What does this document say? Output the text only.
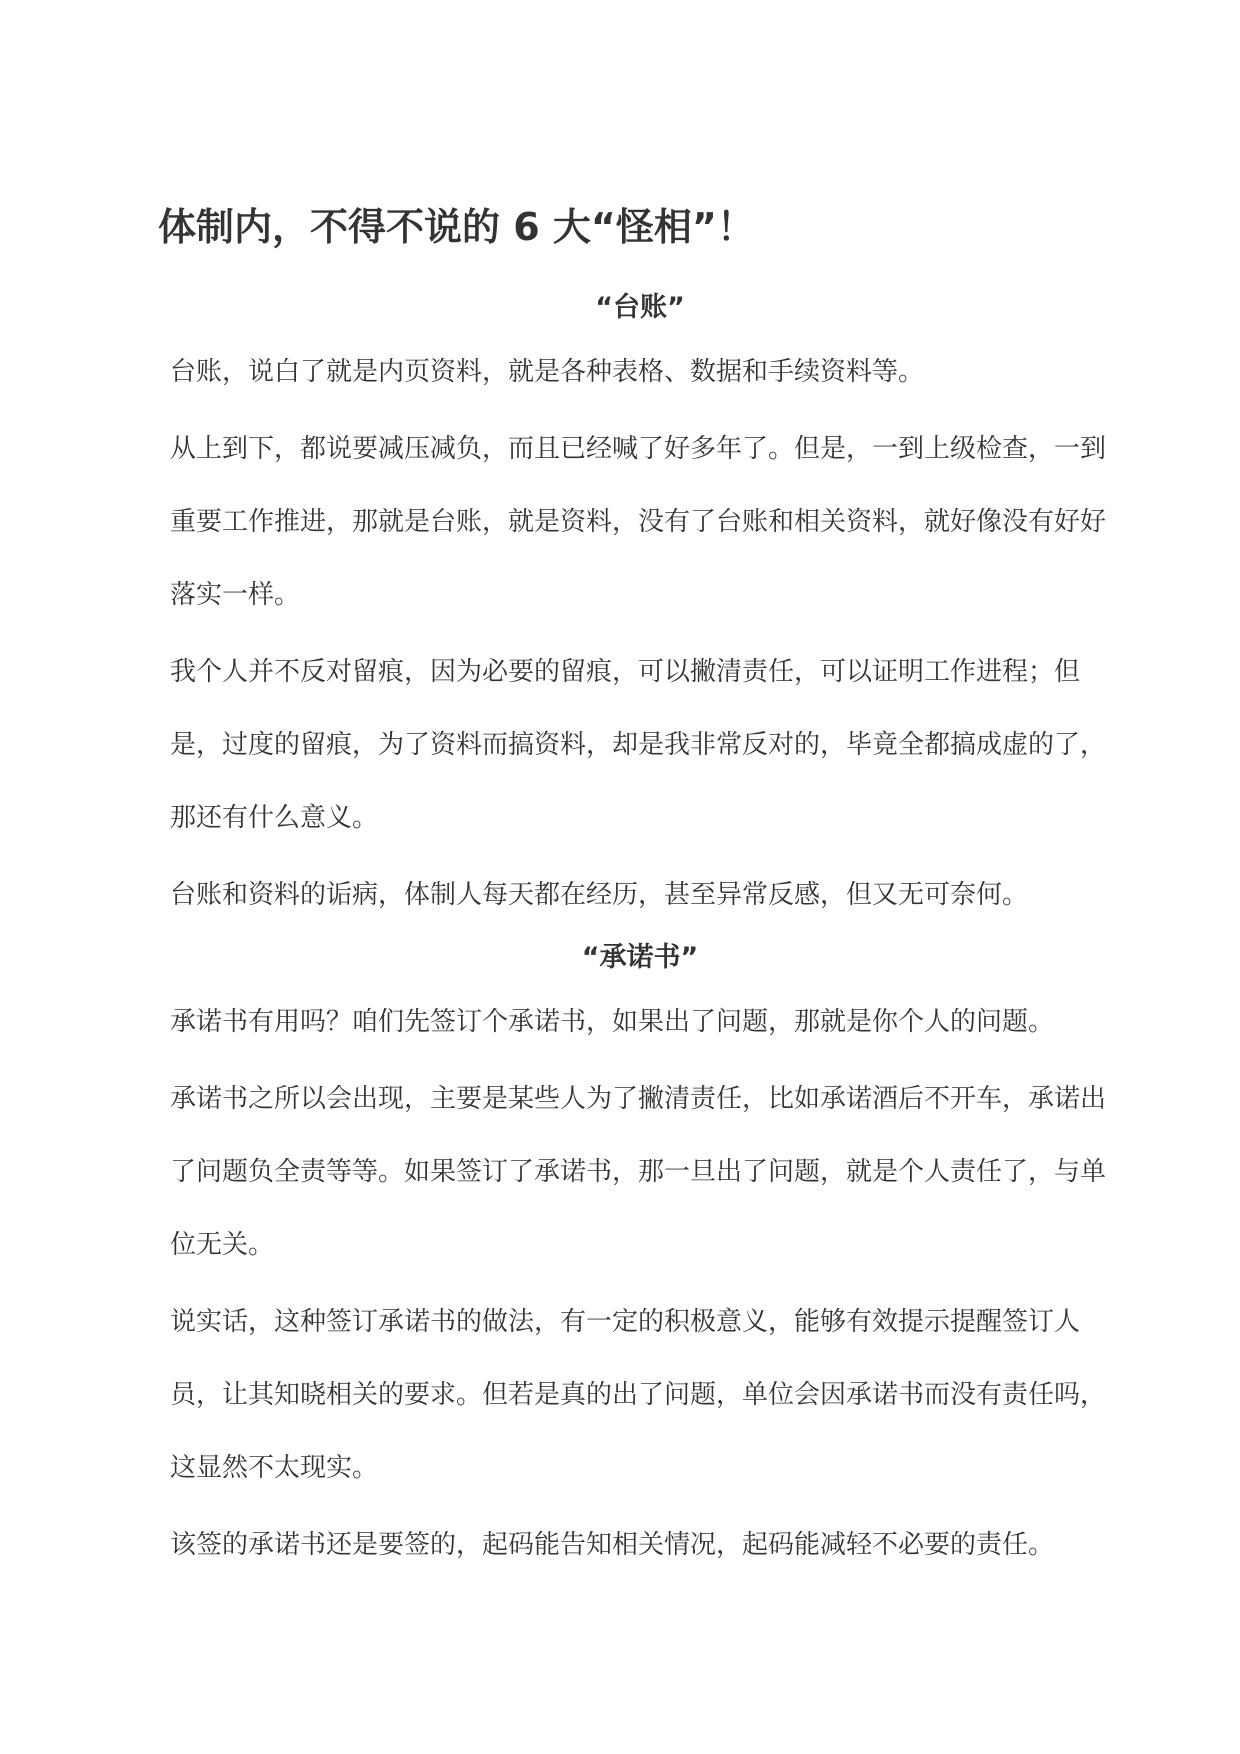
体制内，不得不说的 6 大“怪相”！
“台账”

台账，说白了就是内页资料，就是各种表格、数据和手续资料等。

从上到下，都说要减压减负，而且已经喊了好多年了。但是，一到上级检查，一到重要工作推进，那就是台账，就是资料，没有了台账和相关资料，就好像没有好好落实一样。

我个人并不反对留痕，因为必要的留痕，可以撇清责任，可以证明工作进程；但是，过度的留痕，为了资料而搞资料，却是我非常反对的，毕竟全都搞成虚的了，那还有什么意义。

台账和资料的诟病，体制人每天都在经历，甚至异常反感，但又无可奈何。

“承诺书”

承诺书有用吗？咱们先签订个承诺书，如果出了问题，那就是你个人的问题。

承诺书之所以会出现，主要是某些人为了撇清责任，比如承诺酒后不开车，承诺出了问题负全责等等。如果签订了承诺书，那一旦出了问题，就是个人责任了，与单位无关。

说实话，这种签订承诺书的做法，有一定的积极意义，能够有效提示提醒签订人员，让其知晓相关的要求。但若是真的出了问题，单位会因承诺书而没有责任吗，这显然不太现实。

该签的承诺书还是要签的，起码能告知相关情况，起码能减轻不必要的责任。
